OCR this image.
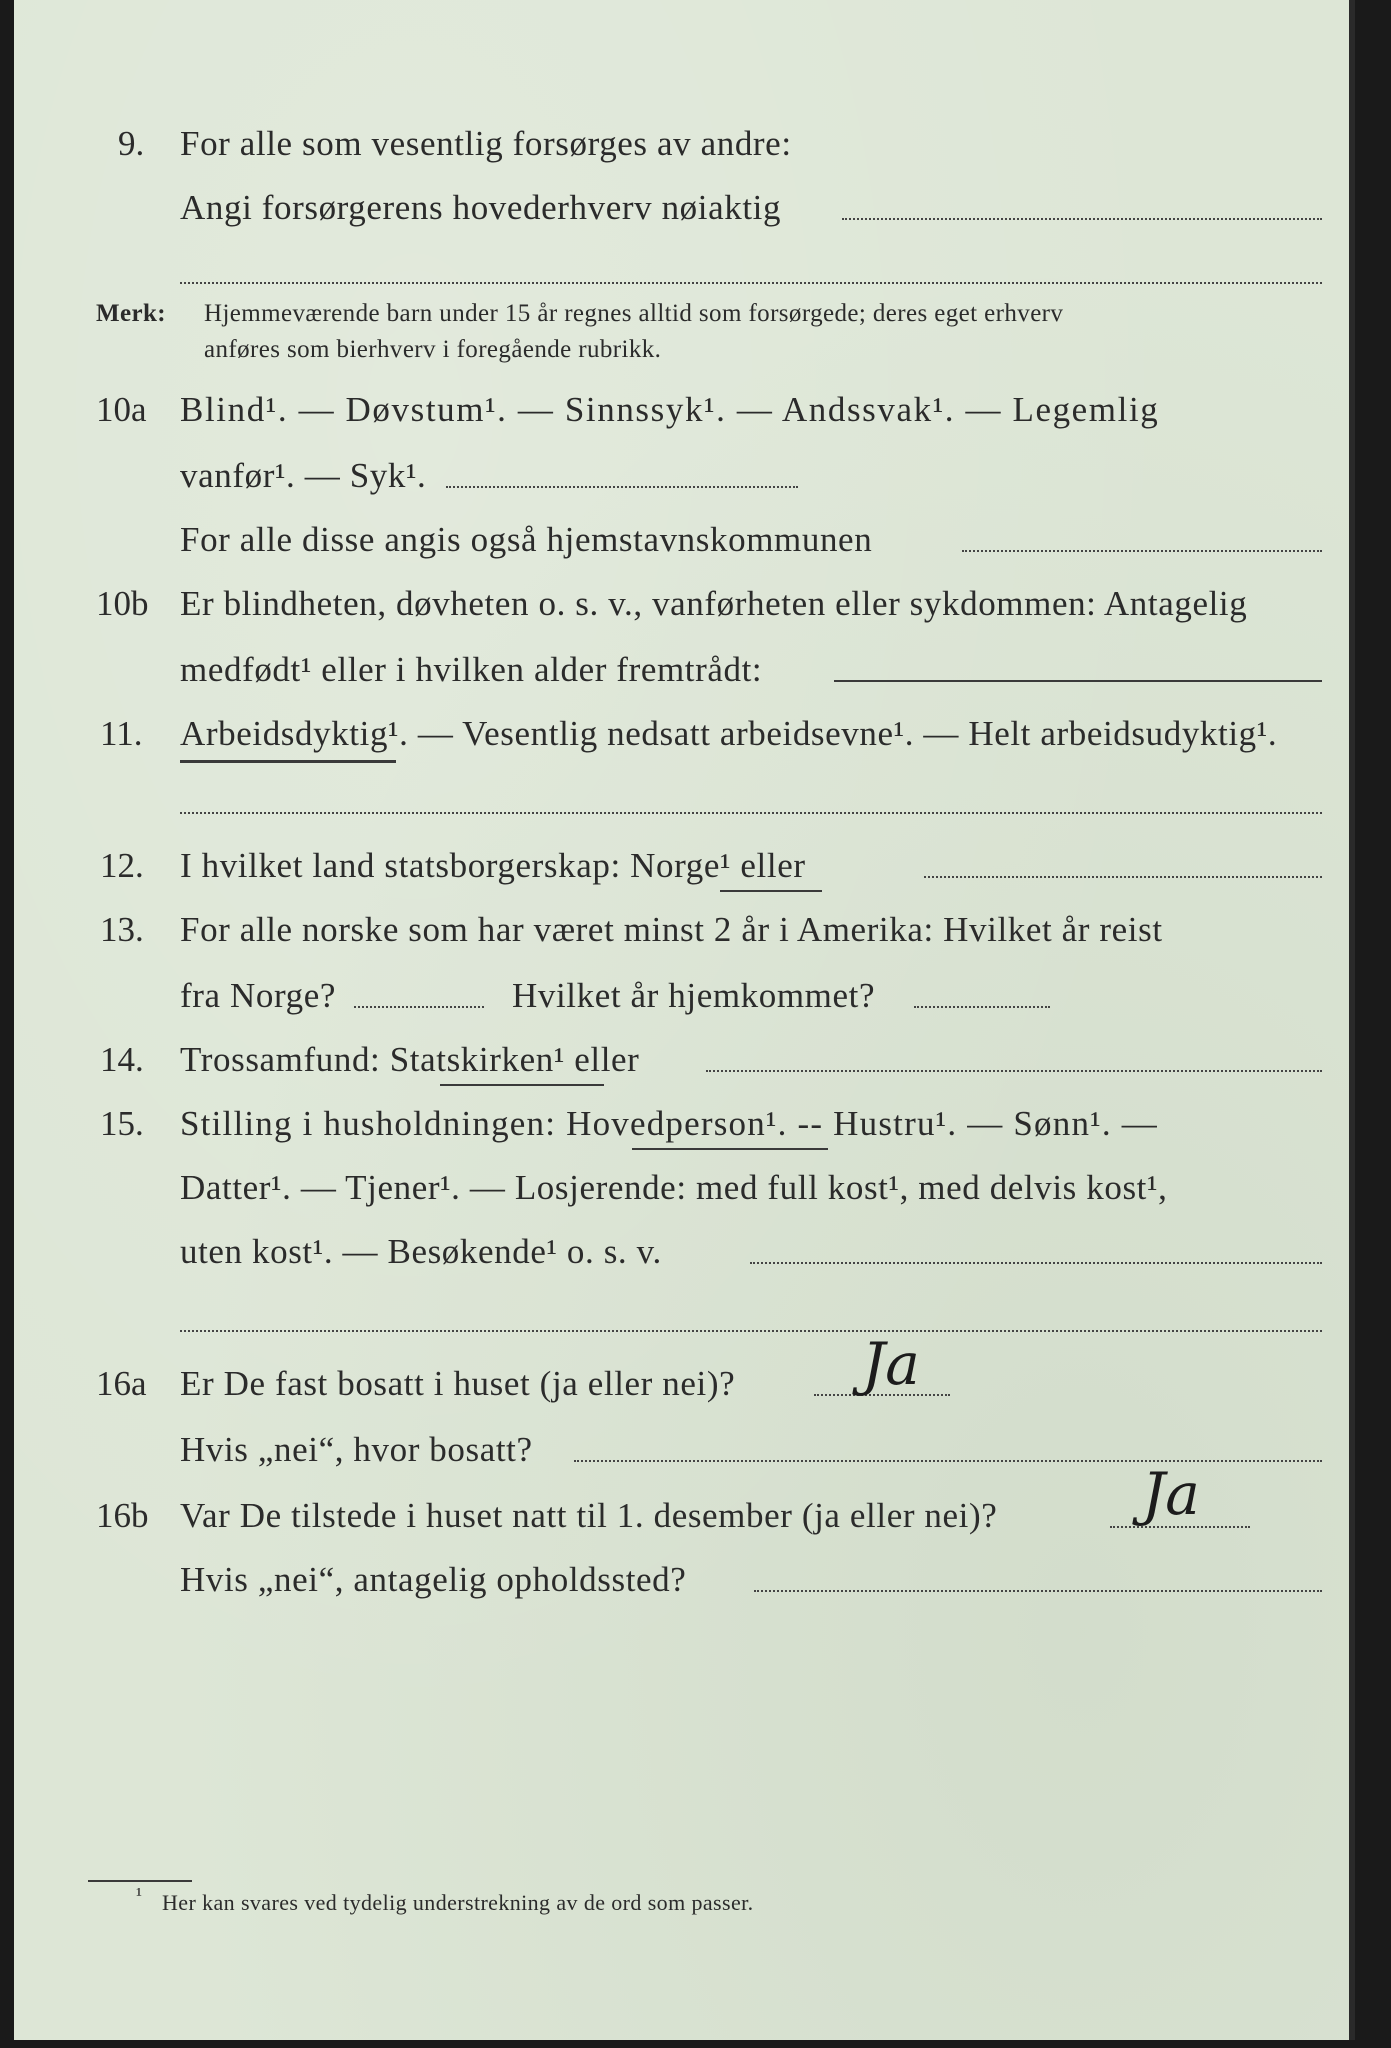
9. For alle som vesentlig forsørges av andre:
Angi forsørgerens hovederhverv nøiaktig
Merk: Hjemmeværende barn under 15 år regnes alltid som forsørgede; deres eget erhverv
anføres som bierhverv i foregående rubrikk.
10a Blind¹. — Døvstum¹. — Sinnssyk¹. — Andssvak¹. — Legemlig
vanfør¹. — Syk¹.
For alle disse angis også hjemstavnskommunen
10b Er blindheten, døvheten o. s. v., vanførheten eller sykdommen: Antagelig
medfødt¹ eller i hvilken alder fremtrådt:
11. Arbeidsdyktig¹. — Vesentlig nedsatt arbeidsevne¹. — Helt arbeidsudyktig¹.
12. I hvilket land statsborgerskap: Norge¹ eller
13. For alle norske som har været minst 2 år i Amerika: Hvilket år reist
fra Norge?	Hvilket år hjemkommet?
14. Trossamfund: Statskirken¹ eller
15. Stilling i husholdningen: Hovedperson¹. -- Hustru¹. — Sønn¹. —
Datter¹. — Tjener¹. — Losjerende: med full kost¹, med delvis kost¹,
uten kost¹. — Besøkende¹ o. s. v.
16a Er De fast bosatt i huset (ja eller nei)? Ja
Hvis „nei“, hvor bosatt?
16b Var De tilstede i huset natt til 1. desember (ja eller nei)? Ja
Hvis „nei“, antagelig opholdssted?
¹ Her kan svares ved tydelig understrekning av de ord som passer.
